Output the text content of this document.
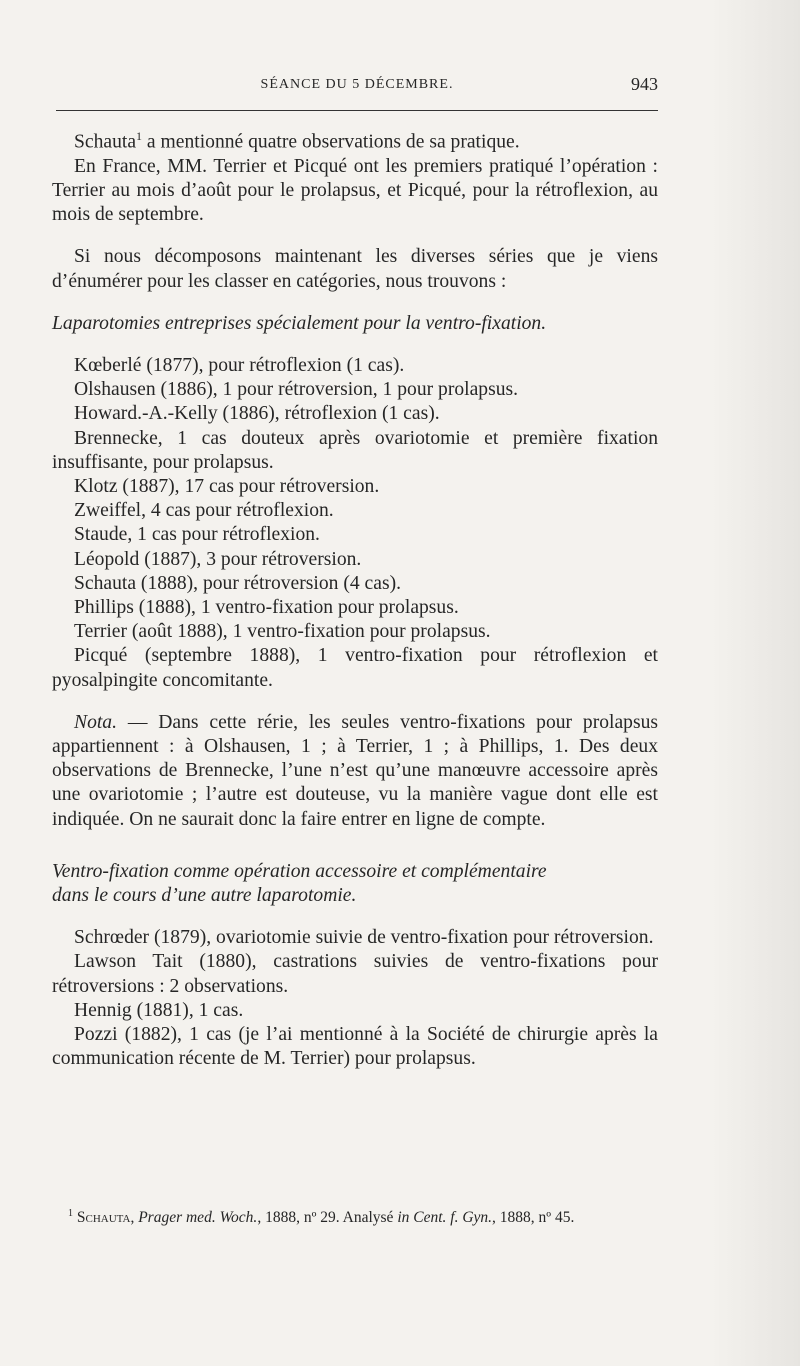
SÉANCE DU 5 DÉCEMBRE.	943

Schauta$^1$ a mentionné quatre observations de sa pratique.

En France, MM. Terrier et Picqué ont les premiers pratiqué l’opération : Terrier au mois d’août pour le prolapsus, et Picqué, pour la rétroflexion, au mois de septembre.

Si nous décomposons maintenant les diverses séries que je viens d’énumérer pour les classer en catégories, nous trouvons :

Laparotomies entreprises spécialement pour la ventro-fixation.

Kœberlé (1877), pour rétroflexion (1 cas).

Olshausen (1886), 1 pour rétroversion, 1 pour prolapsus.

Howard.-A.-Kelly (1886), rétroflexion (1 cas).

Brennecke, 1 cas douteux après ovariotomie et première fixation insuffisante, pour prolapsus.

Klotz (1887), 17 cas pour rétroversion.

Zweiffel, 4 cas pour rétroflexion.

Staude, 1 cas pour rétroflexion.

Léopold (1887), 3 pour rétroversion.

Schauta (1888), pour rétroversion (4 cas).

Phillips (1888), 1 ventro-fixation pour prolapsus.

Terrier (août 1888), 1 ventro-fixation pour prolapsus.

Picqué (septembre 1888), 1 ventro-fixation pour rétroflexion et pyosalpingite concomitante.

Nota. — Dans cette rérie, les seules ventro-fixations pour prolapsus appartiennent : à Olshausen, 1 ; à Terrier, 1 ; à Phillips, 1. Des deux observations de Brennecke, l’une n’est qu’une manœuvre accessoire après une ovariotomie ; l’autre est douteuse, vu la manière vague dont elle est indiquée. On ne saurait donc la faire entrer en ligne de compte.

Ventro-fixation comme opération accessoire et complémentaire

dans le cours d’une autre laparotomie.

Schrœder (1879), ovariotomie suivie de ventro-fixation pour rétroversion.

Lawson Tait (1880), castrations suivies de ventro-fixations pour rétroversions : 2 observations.

Hennig (1881), 1 cas.

Pozzi (1882), 1 cas (je l’ai mentionné à la Société de chirurgie après la communication récente de M. Terrier) pour prolapsus.

$^1$ Schauta, Prager med. Woch., 1888, nº 29. Analysé in Cent. f. Gyn., 1888, nº 45.
